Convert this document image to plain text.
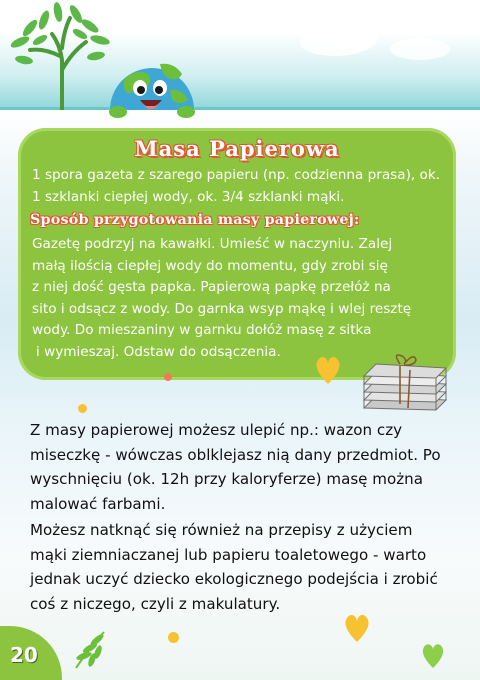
Masa Papierowa
1 spora gazeta z szarego papieru (np. codzienna prasa), ok. 1 szklanki ciepłej wody, ok. 3/4 szklanki mąki.
Sposób przygotowania masy papierowej:
Gazetę podrzyj na kawałki. Umieść w naczyniu. Zalej
małą ilością ciepłej wody do momentu, gdy zrobi się
z niej dość gęsta papka. Papierową papkę przełóż na
sito i odsącz z wody. Do garnka wsyp mąkę i wlej resztę
wody. Do mieszaniny w garnku dołóż masę z sitka
i wymieszaj. Odstaw do odsączenia.
Z masy papierowej możesz ulepić np.: wazon czy
miseczkę - wówczas oblklejasz nią dany przedmiot. Po
wyschnięciu (ok. 12h przy kaloryferze) masę można
malować farbami.
Możesz natknąć się również na przepisy z użyciem
mąki ziemniaczanej lub papieru toaletowego - warto
jednak uczyć dziecko ekologicznego podejścia i zrobić
coś z niczego, czyli z makulatury.
20
